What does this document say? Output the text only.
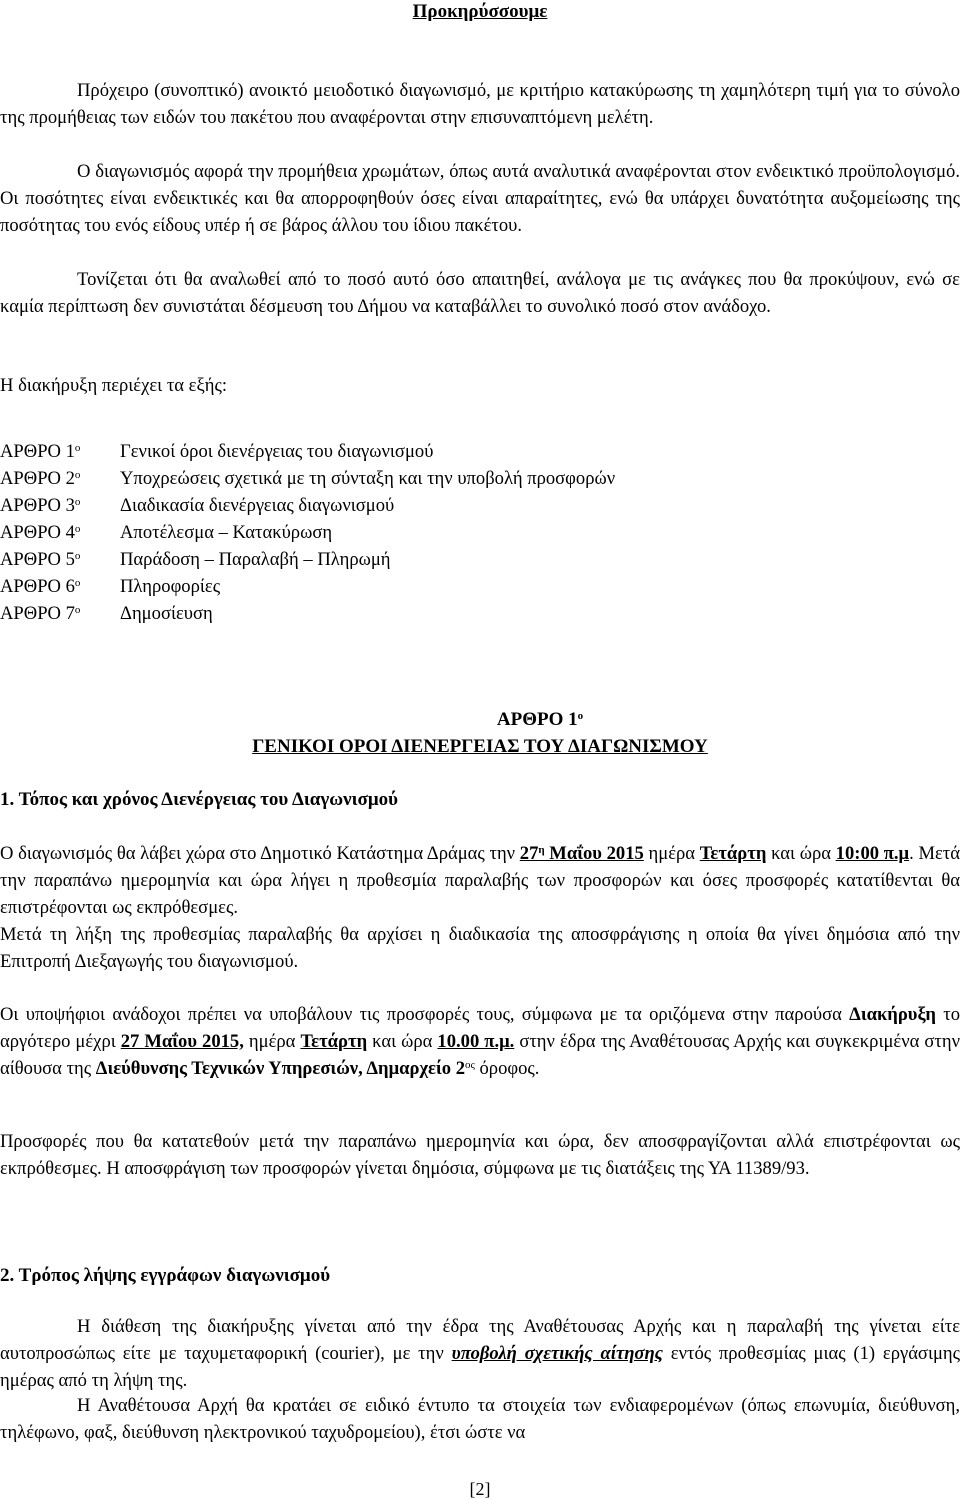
Προκηρύσσουμε
Πρόχειρο (συνοπτικό) ανοικτό μειοδοτικό διαγωνισμό, με κριτήριο κατακύρωσης τη χαμηλότερη τιμή για το σύνολο της προμήθειας των ειδών του πακέτου που αναφέρονται στην επισυναπτόμενη μελέτη.
Ο διαγωνισμός αφορά την προμήθεια χρωμάτων, όπως αυτά αναλυτικά αναφέρονται στον ενδεικτικό προϋπολογισμό. Οι ποσότητες είναι ενδεικτικές και θα απορροφηθούν όσες είναι απαραίτητες, ενώ θα υπάρχει δυνατότητα αυξομείωσης της ποσότητας του ενός είδους υπέρ ή σε βάρος άλλου του ίδιου πακέτου.
Τονίζεται ότι θα αναλωθεί από το ποσό αυτό όσο απαιτηθεί, ανάλογα με τις ανάγκες που θα προκύψουν, ενώ σε καμία περίπτωση δεν συνιστάται δέσμευση του Δήμου να καταβάλλει το συνολικό ποσό στον ανάδοχο.
Η διακήρυξη περιέχει τα εξής:
ΑΡΘΡΟ $1^o$ Γενικοί όροι διενέργειας του διαγωνισμού
ΑΡΘΡΟ $2^o$ Υποχρεώσεις σχετικά με τη σύνταξη και την υποβολή προσφορών
ΑΡΘΡΟ $3^o$ Διαδικασία διενέργειας διαγωνισμού
ΑΡΘΡΟ $4^o$ Αποτέλεσμα – Κατακύρωση
ΑΡΘΡΟ $5^o$ Παράδοση – Παραλαβή – Πληρωμή
ΑΡΘΡΟ $6^o$ Πληροφορίες
ΑΡΘΡΟ $7^o$ Δημοσίευση
ΑΡΘΡΟ $1^o$
ΓΕΝΙΚΟΙ ΟΡΟΙ ΔΙΕΝΕΡΓΕΙΑΣ ΤΟΥ ΔΙΑΓΩΝΙΣΜΟΥ
1. Τόπος και χρόνος Διενέργειας του Διαγωνισμού
Ο διαγωνισμός θα λάβει χώρα στο Δημοτικό Κατάστημα Δράμας την $27^\eta$ Μαΐου 2015 ημέρα Τετάρτη και ώρα 10:00 π.μ. Μετά την παραπάνω ημερομηνία και ώρα λήγει η προθεσμία παραλαβής των προσφορών και όσες προσφορές κατατίθενται θα επιστρέφονται ως εκπρόθεσμες.
Μετά τη λήξη της προθεσμίας παραλαβής θα αρχίσει η διαδικασία της αποσφράγισης η οποία θα γίνει δημόσια από την Επιτροπή Διεξαγωγής του διαγωνισμού.
Οι υποψήφιοι ανάδοχοι πρέπει να υποβάλουν τις προσφορές τους, σύμφωνα με τα οριζόμενα στην παρούσα Διακήρυξη το αργότερο μέχρι 27 Μαΐου 2015, ημέρα Τετάρτη και ώρα 10.00 π.μ. στην έδρα της Αναθέτουσας Αρχής και συγκεκριμένα στην αίθουσα της Διεύθυνσης Τεχνικών Υπηρεσιών, Δημαρχείο $2^{o\varsigma}$ όροφος.
Προσφορές που θα κατατεθούν μετά την παραπάνω ημερομηνία και ώρα, δεν αποσφραγίζονται αλλά επιστρέφονται ως εκπρόθεσμες. Η αποσφράγιση των προσφορών γίνεται δημόσια, σύμφωνα με τις διατάξεις της ΥΑ 11389/93.
2. Τρόπος λήψης εγγράφων διαγωνισμού
Η διάθεση της διακήρυξης γίνεται από την έδρα της Αναθέτουσας Αρχής και η παραλαβή της γίνεται είτε αυτοπροσώπως είτε με ταχυμεταφορική (courier), με την υποβολή σχετικής αίτησης εντός προθεσμίας μιας (1) εργάσιμης ημέρας από τη λήψη της.
Η Αναθέτουσα Αρχή θα κρατάει σε ειδικό έντυπο τα στοιχεία των ενδιαφερομένων (όπως επωνυμία, διεύθυνση, τηλέφωνο, φαξ, διεύθυνση ηλεκτρονικού ταχυδρομείου), έτσι ώστε να
[2]
